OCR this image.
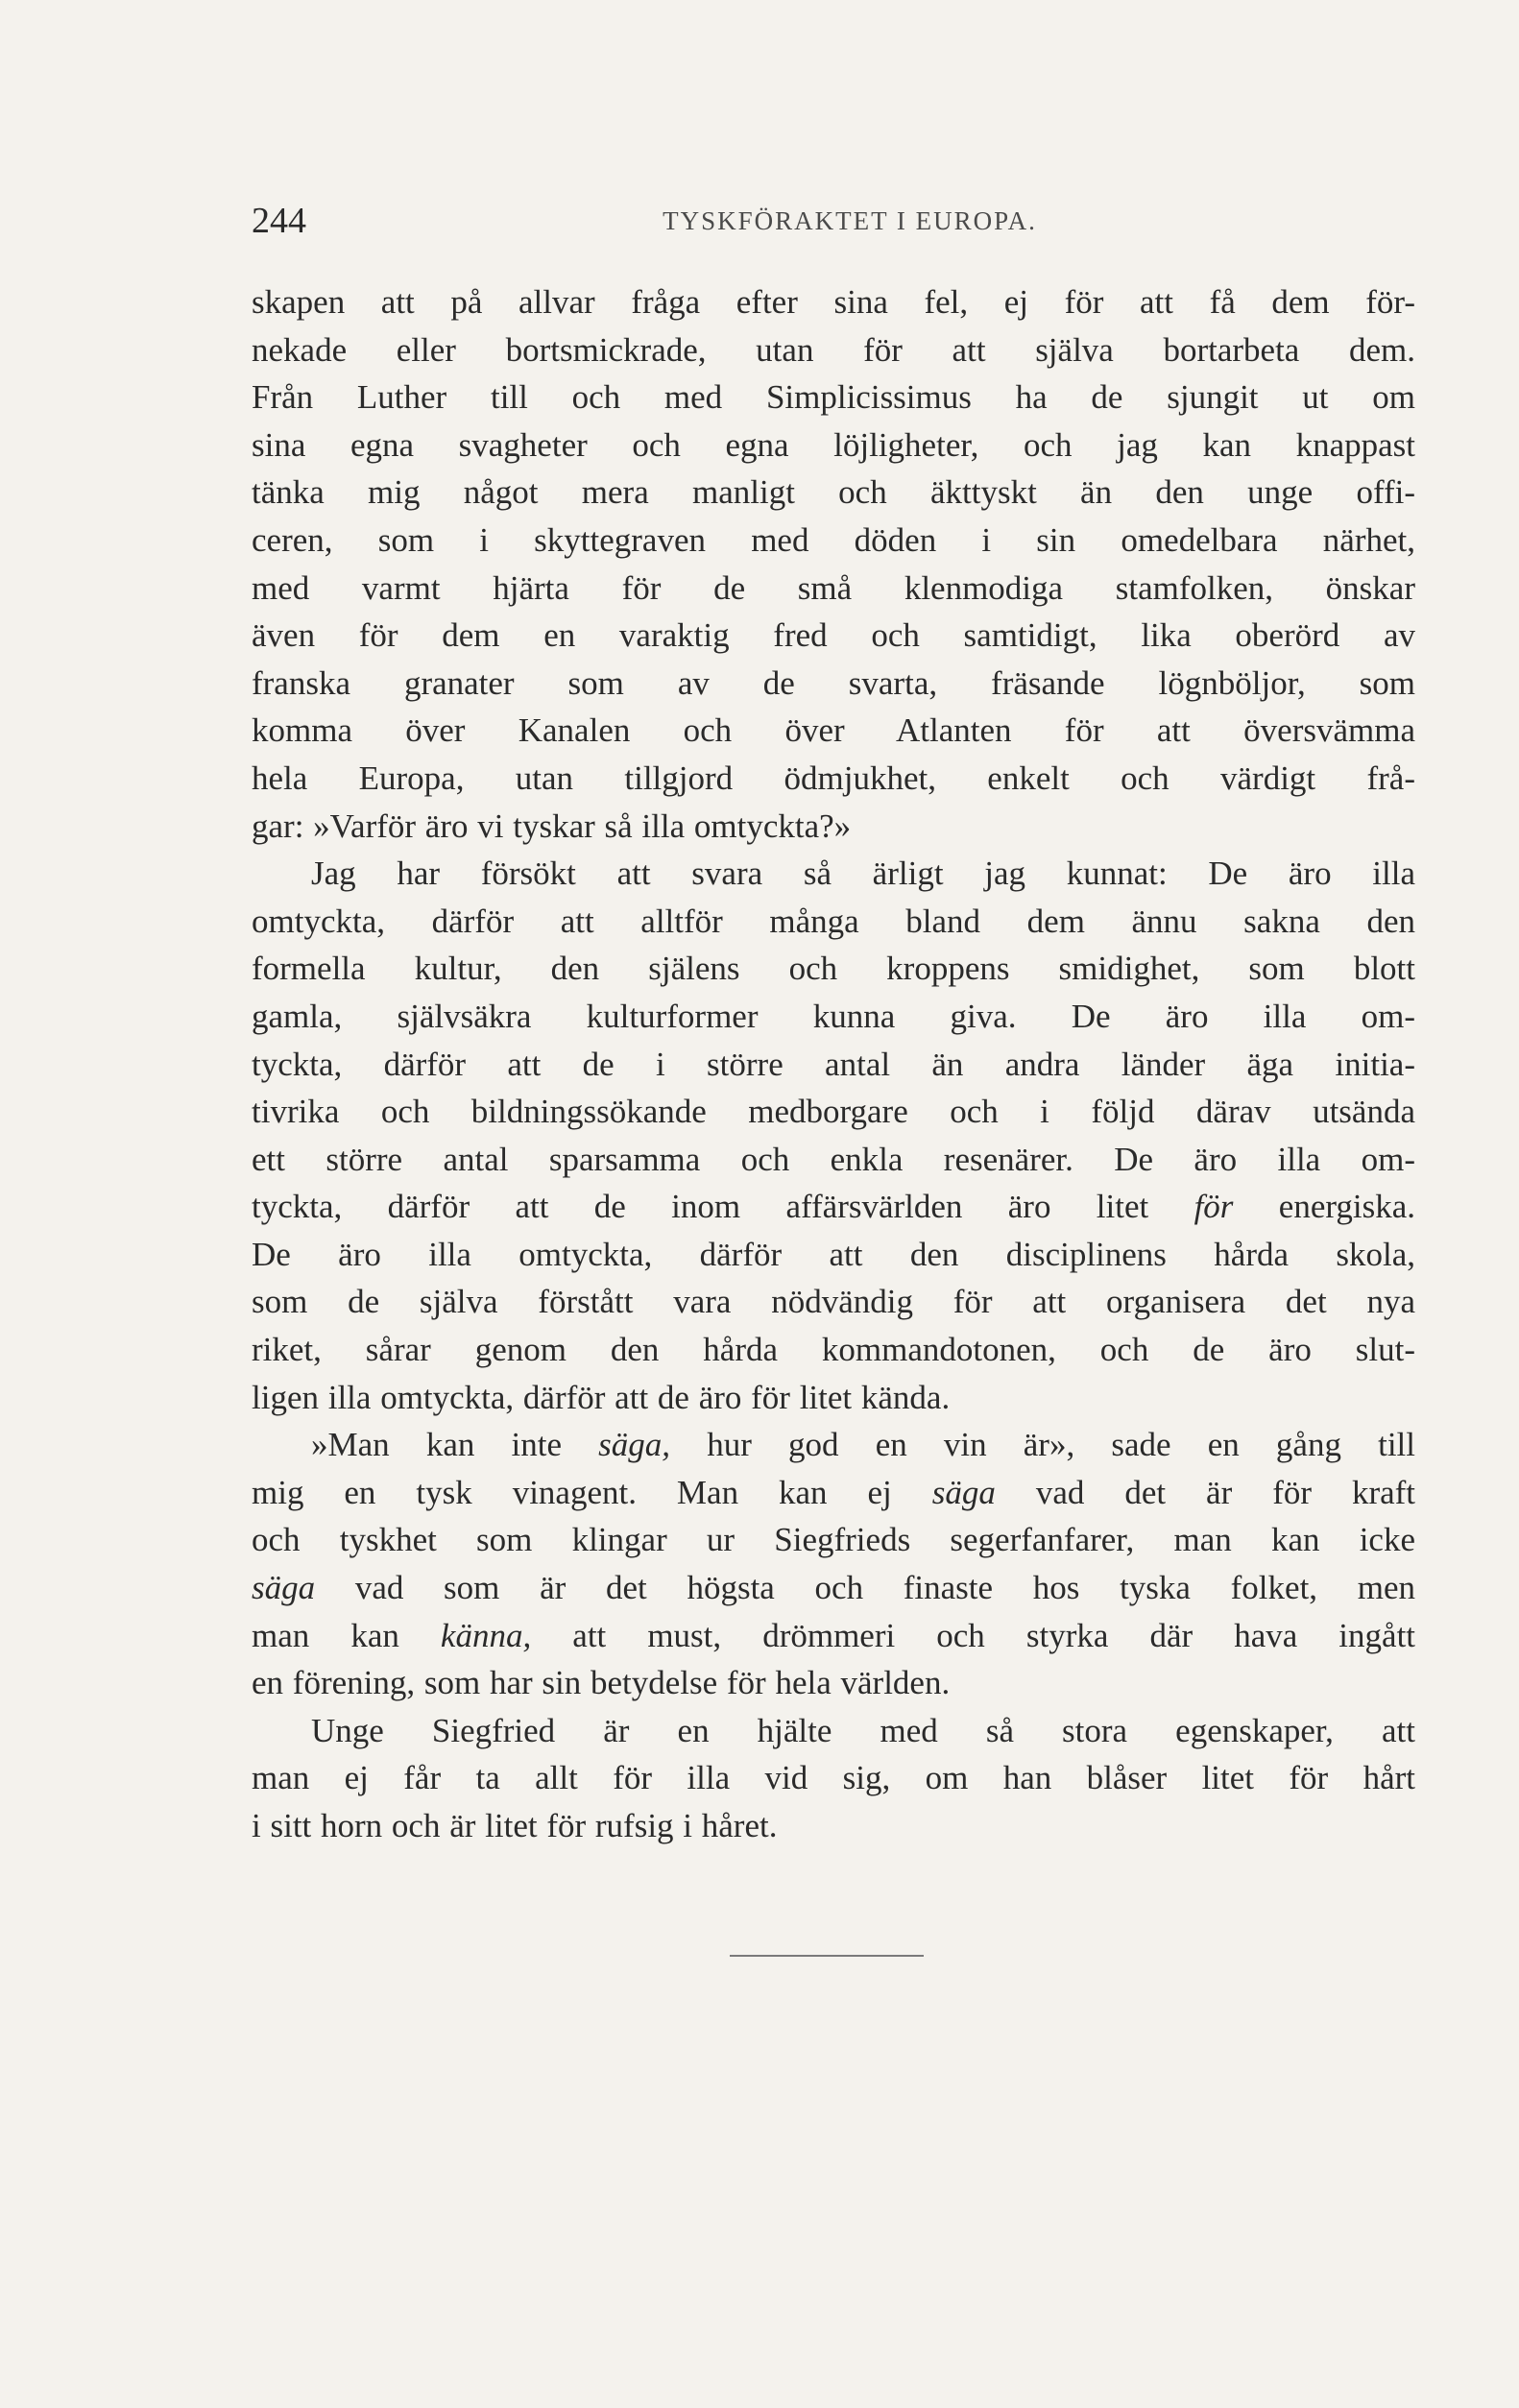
244	TYSKFÖRAKTET I EUROPA.

skapen att på allvar fråga efter sina fel, ej för att få dem för-
nekade eller bortsmickrade, utan för att själva bortarbeta dem.
Från Luther till och med Simplicissimus ha de sjungit ut om
sina egna svagheter och egna löjligheter, och jag kan knappast
tänka mig något mera manligt och äkttyskt än den unge offi-
ceren, som i skyttegraven med döden i sin omedelbara närhet,
med varmt hjärta för de små klenmodiga stamfolken, önskar
även för dem en varaktig fred och samtidigt, lika oberörd av
franska granater som av de svarta, fräsande lögnböljor, som
komma över Kanalen och över Atlanten för att översvämma
hela Europa, utan tillgjord ödmjukhet, enkelt och värdigt frå-
gar: »Varför äro vi tyskar så illa omtyckta?»

Jag har försökt att svara så ärligt jag kunnat: De äro illa
omtyckta, därför att alltför många bland dem ännu sakna den
formella kultur, den själens och kroppens smidighet, som blott
gamla, självsäkra kulturformer kunna giva. De äro illa om-
tyckta, därför att de i större antal än andra länder äga initia-
tivrika och bildningssökande medborgare och i följd därav utsända
ett större antal sparsamma och enkla resenärer. De äro illa om-
tyckta, därför att de inom affärsvärlden äro litet för energiska.
De äro illa omtyckta, därför att den disciplinens hårda skola,
som de själva förstått vara nödvändig för att organisera det nya
riket, sårar genom den hårda kommandotonen, och de äro slut-
ligen illa omtyckta, därför att de äro för litet kända.

»Man kan inte säga, hur god en vin är», sade en gång till
mig en tysk vinagent. Man kan ej säga vad det är för kraft
och tyskhet som klingar ur Siegfrieds segerfanfarer, man kan icke
säga vad som är det högsta och finaste hos tyska folket, men
man kan känna, att must, drömmeri och styrka där hava ingått
en förening, som har sin betydelse för hela världen.

Unge Siegfried är en hjälte med så stora egenskaper, att
man ej får ta allt för illa vid sig, om han blåser litet för hårt
i sitt horn och är litet för rufsig i håret.
